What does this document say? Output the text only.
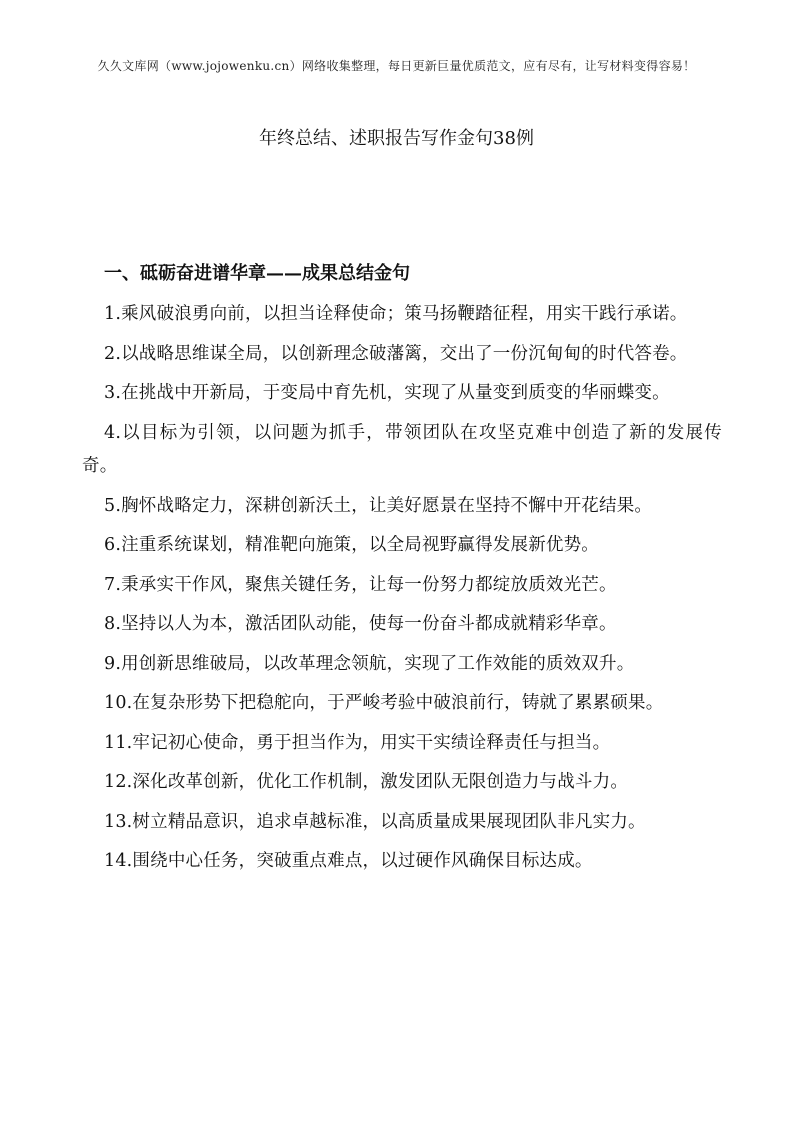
久久文库网（www.jojowenku.cn）网络收集整理，每日更新巨量优质范文，应有尽有，让写材料变得容易！
年终总结、述职报告写作金句38例
一、砥砺奋进谱华章——成果总结金句

1.乘风破浪勇向前，以担当诠释使命；策马扬鞭踏征程，用实干践行承诺。

2.以战略思维谋全局，以创新理念破藩篱，交出了一份沉甸甸的时代答卷。

3.在挑战中开新局，于变局中育先机，实现了从量变到质变的华丽蝶变。

4.以目标为引领，以问题为抓手，带领团队在攻坚克难中创造了新的发展传奇。

5.胸怀战略定力，深耕创新沃土，让美好愿景在坚持不懈中开花结果。

6.注重系统谋划，精准靶向施策，以全局视野赢得发展新优势。

7.秉承实干作风，聚焦关键任务，让每一份努力都绽放质效光芒。

8.坚持以人为本，激活团队动能，使每一份奋斗都成就精彩华章。

9.用创新思维破局，以改革理念领航，实现了工作效能的质效双升。

10.在复杂形势下把稳舵向，于严峻考验中破浪前行，铸就了累累硕果。

11.牢记初心使命，勇于担当作为，用实干实绩诠释责任与担当。

12.深化改革创新，优化工作机制，激发团队无限创造力与战斗力。

13.树立精品意识，追求卓越标准，以高质量成果展现团队非凡实力。

14.围绕中心任务，突破重点难点，以过硬作风确保目标达成。
